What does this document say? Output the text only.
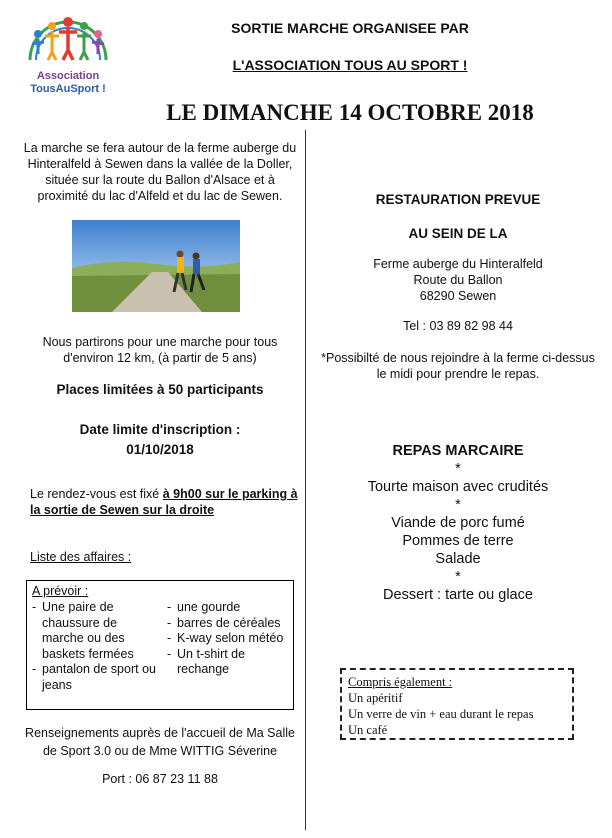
Association
TousAuSport !
SORTIE MARCHE ORGANISEE PAR
L'ASSOCIATION TOUS AU SPORT !
LE DIMANCHE 14 OCTOBRE 2018
La marche se fera autour de la ferme auberge du Hinteralfeld à Sewen dans la vallée de la Doller, située sur la route du Ballon d'Alsace et à proximité du lac d'Alfeld et du lac de Sewen.
Nous partirons pour une marche pour tous d'environ 12 km, (à partir de 5 ans)
Places limitées à 50 participants
Date limite d'inscription :
01/10/2018
Le rendez-vous est fixé à 9h00 sur le parking à la sortie de Sewen sur la droite
Liste des affaires :
A prévoir :
- Une paire de chaussure de marche ou des baskets fermées
- pantalon de sport ou jeans
- une gourde
- barres de céréales
- K-way selon météo
- Un t-shirt de rechange
Renseignements auprès de l'accueil de Ma Salle de Sport 3.0 ou de Mme WITTIG Séverine
Port : 06 87 23 11 88
RESTAURATION PREVUE
AU SEIN DE LA
Ferme auberge du Hinteralfeld
Route du Ballon
68290 Sewen
Tel : 03 89 82 98 44
*Possibilté de nous rejoindre à la ferme ci-dessus le midi pour prendre le repas.
REPAS MARCAIRE
*
Tourte maison avec crudités
*
Viande de porc fumé
Pommes de terre
Salade
*
Dessert : tarte ou glace
Compris également :
Un apéritif
Un verre de vin + eau durant le repas
Un café
